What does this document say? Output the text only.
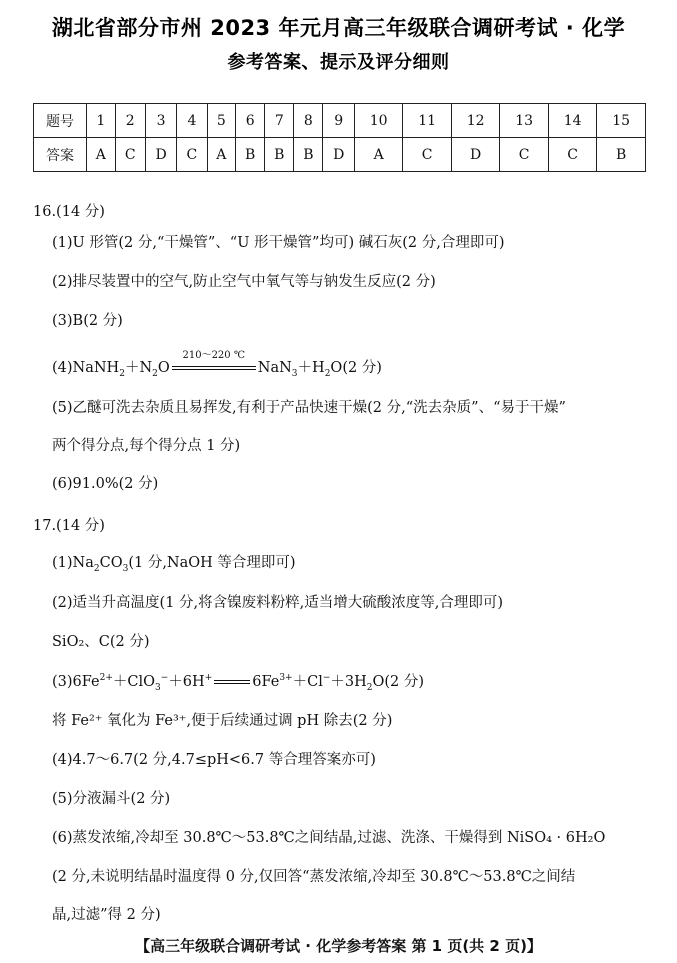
湖北省部分市州 2023 年元月高三年级联合调研考试 · 化学
参考答案、提示及评分细则
题号	1	2	3	4	5	6	7	8	9	10	11	12	13	14	15
答案	A	C	D	C	A	B	B	B	D	A	C	D	C	C	B
16.(14 分)
(1)U 形管(2 分,“干燥管”、“U 形干燥管”均可) 碱石灰(2 分,合理即可)
(2)排尽装置中的空气,防止空气中氧气等与钠发生反应(2 分)
(3)B(2 分)
$(4)NaNH_2+N_2O$
210～220 ℃
$NaN_3+H_2O(2$ 分)
(5)乙醚可洗去杂质且易挥发,有利于产品快速干燥(2 分,“洗去杂质”、“易于干燥”
两个得分点,每个得分点 1 分)
(6)91.0%(2 分)
17.(14 分)
$(1)Na_2CO_3(1$ 分,NaOH 等合理即可)
(2)适当升高温度(1 分,将含镍废料粉粹,适当增大硫酸浓度等,合理即可)
SiO₂、C(2 分)
$(3)6Fe^{2+}+ClO_3^-+6H^+$	$6Fe^{3+}+Cl^-+3H_2O(2$ 分)
将 Fe²⁺ 氧化为 Fe³⁺,便于后续通过调 pH 除去(2 分)
(4)4.7～6.7(2 分,4.7≤pH<6.7 等合理答案亦可)
(5)分液漏斗(2 分)
(6)蒸发浓缩,冷却至 30.8℃～53.8℃之间结晶,过滤、洗涤、干燥得到 NiSO₄ · 6H₂O
(2 分,未说明结晶时温度得 0 分,仅回答“蒸发浓缩,冷却至 30.8℃～53.8℃之间结
晶,过滤”得 2 分)
【高三年级联合调研考试 · 化学参考答案 第 1 页(共 2 页)】
